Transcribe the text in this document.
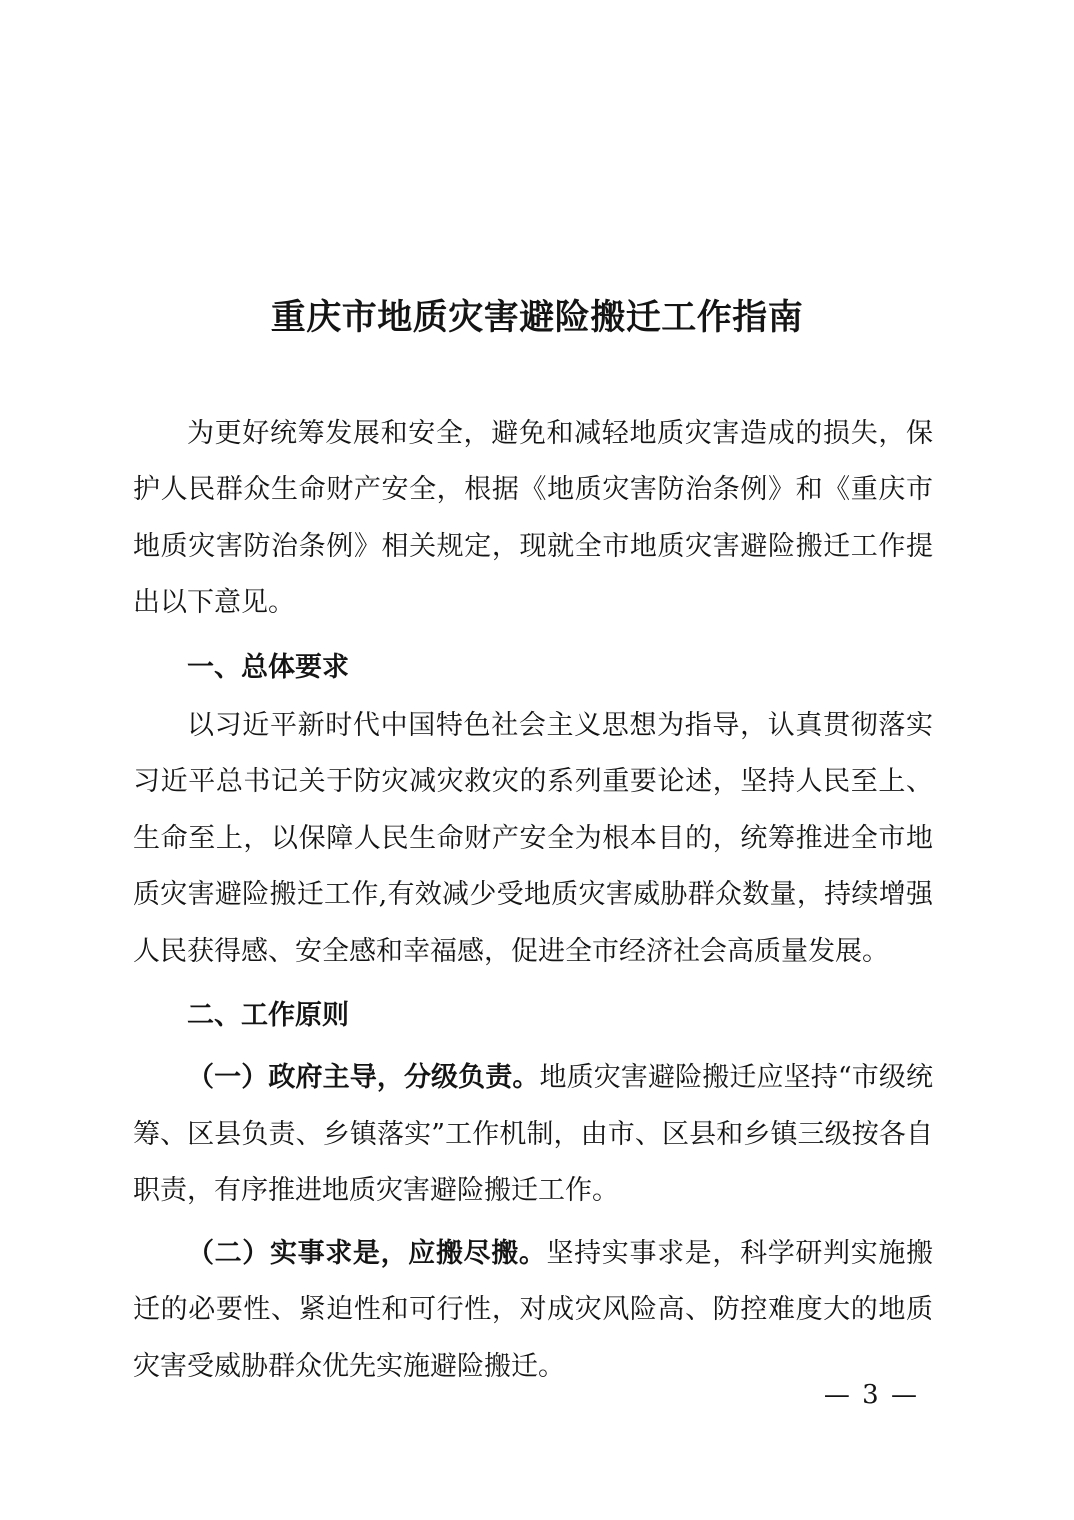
重庆市地质灾害避险搬迁工作指南

为更好统筹发展和安全，避免和减轻地质灾害造成的损失，保护人民群众生命财产安全，根据《地质灾害防治条例》和《重庆市地质灾害防治条例》相关规定，现就全市地质灾害避险搬迁工作提出以下意见。

一、总体要求

以习近平新时代中国特色社会主义思想为指导，认真贯彻落实习近平总书记关于防灾减灾救灾的系列重要论述，坚持人民至上、生命至上，以保障人民生命财产安全为根本目的，统筹推进全市地质灾害避险搬迁工作,有效减少受地质灾害威胁群众数量，持续增强人民获得感、安全感和幸福感，促进全市经济社会高质量发展。

二、工作原则

（一）政府主导，分级负责。地质灾害避险搬迁应坚持“市级统筹、区县负责、乡镇落实”工作机制，由市、区县和乡镇三级按各自职责，有序推进地质灾害避险搬迁工作。

（二）实事求是，应搬尽搬。坚持实事求是，科学研判实施搬迁的必要性、紧迫性和可行性，对成灾风险高、防控难度大的地质灾害受威胁群众优先实施避险搬迁。

— 3 —
